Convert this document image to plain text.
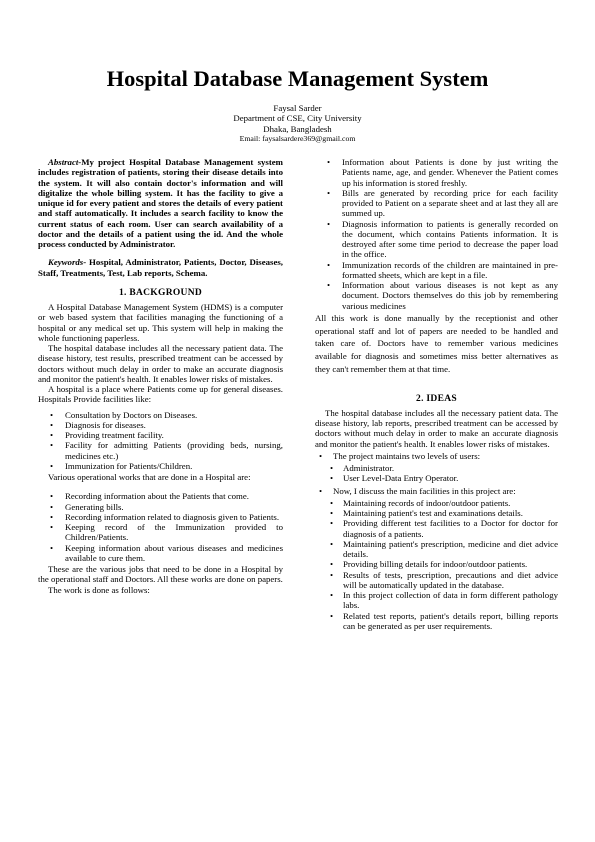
Hospital Database Management System
Faysal Sarder
Department of CSE, City University
Dhaka, Bangladesh
Email: faysalsardere369@gmail.com

Abstract-My project Hospital Database Management system includes registration of patients, storing their disease details into the system. It will also contain doctor's information and will digitalize the whole billing system. It has the facility to give a unique id for every patient and stores the details of every patient and staff automatically. It includes a search facility to know the current status of each room. User can search availability of a doctor and the details of a patient using the id. And the whole process conducted by Administrator.

Keywords- Hospital, Administrator, Patients, Doctor, Diseases, Staff, Treatments, Test, Lab reports, Schema.

1. BACKGROUND

A Hospital Database Management System (HDMS) is a computer or web based system that facilities managing the functioning of a hospital or any medical set up. This system will help in making the whole functioning paperless.

The hospital database includes all the necessary patient data. The disease history, test results, prescribed treatment can be accessed by doctors without much delay in order to make an accurate diagnosis and monitor the patient's health. It enables lower risks of mistakes.

A hospital is a place where Patients come up for general diseases. Hospitals Provide facilities like:

• Consultation by Doctors on Diseases.
• Diagnosis for diseases.
• Providing treatment facility.
• Facility for admitting Patients (providing beds, nursing, medicines etc.)
• Immunization for Patients/Children.

Various operational works that are done in a Hospital are:

• Recording information about the Patients that come.
• Generating bills.
• Recording information related to diagnosis given to Patients.
• Keeping record of the Immunization provided to Children/Patients.
• Keeping information about various diseases and medicines available to cure them.

These are the various jobs that need to be done in a Hospital by the operational staff and Doctors. All these works are done on papers.

The work is done as follows:

• Information about Patients is done by just writing the Patients name, age, and gender. Whenever the Patient comes up his information is stored freshly.
• Bills are generated by recording price for each facility provided to Patient on a separate sheet and at last they all are summed up.
• Diagnosis information to patients is generally recorded on the document, which contains Patients information. It is destroyed after some time period to decrease the paper load in the office.
• Immunization records of the children are maintained in pre-formatted sheets, which are kept in a file.
• Information about various diseases is not kept as any document. Doctors themselves do this job by remembering various medicines

All this work is done manually by the receptionist and other operational staff and lot of papers are needed to be handled and taken care of. Doctors have to remember various medicines available for diagnosis and sometimes miss better alternatives as they can't remember them at that time.

2. IDEAS

The hospital database includes all the necessary patient data. The disease history, lab reports, prescribed treatment can be accessed by doctors without much delay in order to make an accurate diagnosis and monitor the patient's health. It enables lower risks of mistakes.

• The project maintains two levels of users:
• Administrator.
• User Level-Data Entry Operator.
• Now, I discuss the main facilities in this project are:
• Maintaining records of indoor/outdoor patients.
• Maintaining patient's test and examinations details.
• Providing different test facilities to a Doctor for doctor for diagnosis of a patients.
• Maintaining patient's prescription, medicine and diet advice details.
• Providing billing details for indoor/outdoor patients.
• Results of tests, prescription, precautions and diet advice will be automatically updated in the database.
• In this project collection of data in form different pathology labs.
• Related test reports, patient's details report, billing reports can be generated as per user requirements.
